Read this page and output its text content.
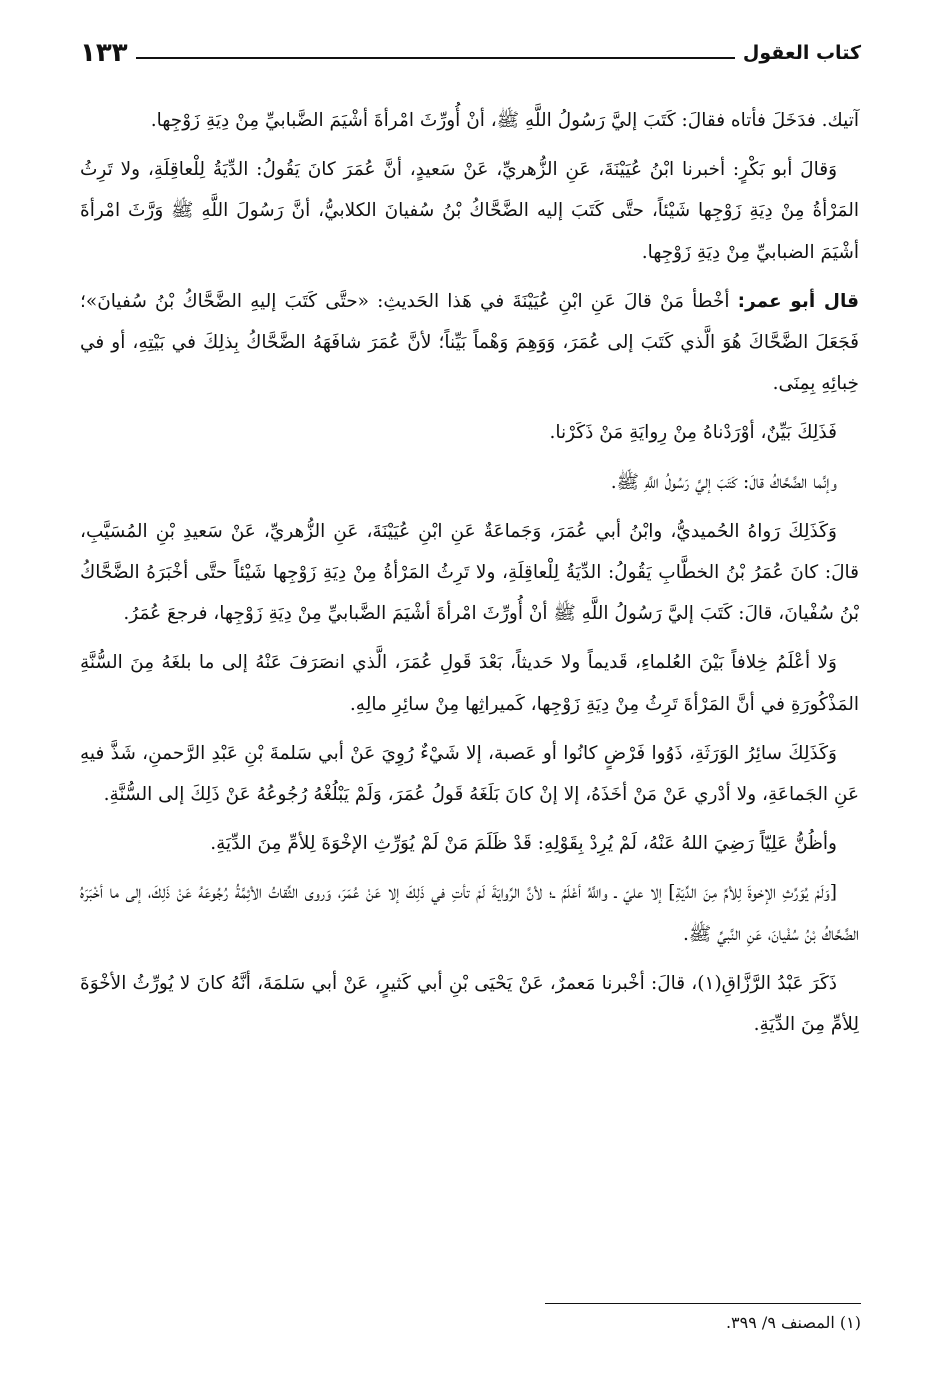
كتاب العقول
١٣٣

آتيك. فدَخَلَ فأتاه فقالَ: كَتَبَ إليَّ رَسُولُ اللَّهِ ﷺ، أنْ أُورِّثَ امْرأةَ أشْيَمَ الضَّبابيِّ مِنْ دِيَةِ زَوْجِها.

وَقالَ أبو بَكْرٍ: أخبرنا ابْنُ عُيَيْنَةَ، عَنِ الزُّهريِّ، عَنْ سَعيدٍ، أنَّ عُمَرَ كانَ يَقُولُ: الدِّيَةُ لِلْعاقِلَةِ، ولا تَرِثُ المَرْأةُ مِنْ دِيَةِ زَوْجِها شَيْئاً، حتَّى كَتَبَ إليه الضَّحَّاكُ بْنُ سُفيانَ الكلابيُّ، أنَّ رَسُولَ اللَّهِ ﷺ وَرَّثَ امْرأةَ أشْيَمَ الضبابيِّ مِنْ دِيَةِ زَوْجِها.

قال أبو عمر: أخْطأ مَنْ قالَ عَنِ ابْنِ عُيَيْنَةَ في هَذا الحَديثِ: «حتَّى كَتَبَ إليهِ الضَّحَّاكُ بْنُ سُفيانَ»؛ فَجَعَلَ الضَّحَّاكَ هُوَ الَّذي كَتَبَ إلى عُمَرَ، وَوَهِمَ وَهْماً بَيِّناً؛ لأنَّ عُمَرَ شافَهَهُ الضَّحَّاكُ بِذلِكَ في بَيْتِهِ، أو في خِبائِهِ بِمِنَى.

فَذَلِكَ بَيِّنٌ، أوْرَدْناهُ مِنْ رِوايَةِ مَنْ ذَكَرْنا.

وإنَّما الضَّحَّاكُ قالَ: كَتَبَ إليَّ رَسُولُ اللَّهِ ﷺ.

وَكَذَلِكَ رَواهُ الحُميديُّ، وابْنُ أبي عُمَرَ، وَجَماعَةٌ عَنِ ابْنِ عُيَيْنَةَ، عَنِ الزُّهريِّ، عَنْ سَعيدِ بْنِ المُسَيَّبِ، قالَ: كانَ عُمَرُ بْنُ الخطَّابِ يَقُولُ: الدِّيَةُ لِلْعاقِلَةِ، ولا تَرِثُ المَرْأةُ مِنْ دِيَةِ زَوْجِها شَيْئاً حتَّى أخْبَرَهُ الضَّحَّاكُ بْنُ سُفْيانَ، قالَ: كَتَبَ إليَّ رَسُولُ اللَّهِ ﷺ أنْ أُورِّثَ امْرأةَ أشْيَمَ الضَّبابيِّ مِنْ دِيَةِ زَوْجِها، فرجعَ عُمَرُ.

وَلا أعْلَمُ خِلافاً بَيْنَ العُلماءِ، قَديماً ولا حَديثاً، بَعْدَ قَولِ عُمَرَ، الَّذي انصَرَفَ عَنْهُ إلى ما بلغَهُ مِنَ السُّنَّةِ المَذْكُورَةِ في أنَّ المَرْأةَ تَرِثُ مِنْ دِيَةِ زَوْجِها، كَميراثِها مِنْ سائِرِ مالِهِ.

وَكَذَلِكَ سائِرُ الوَرَثَةِ، ذَوُوا فَرْضٍ كانُوا أو عَصبة، إلا شَيْءٌ رُوِيَ عَنْ أبي سَلمةَ بْنِ عَبْدِ الرَّحمنِ، شَذَّ فيهِ عَنِ الجَماعَةِ، ولا أدْري عَنْ مَنْ أخَذَهُ، إلا إنْ كانَ بَلَغَهُ قَولُ عُمَرَ، وَلَمْ يَبْلُغْهُ رُجُوعُهُ عَنْ ذَلِكَ إلى السُّنَّةِ.

وأظُنُّ عَلِيّاً رَضِيَ اللهُ عَنْهُ، لَمْ يُرِدْ بِقَوْلِهِ: قَدْ ظَلَمَ مَنْ لَمْ يُوَرِّثِ الإخْوَةَ لِلأمِّ مِنَ الدِّيَةِ.

[وَلَمْ يُوَرِّثِ الإخوةَ لِلأمِّ مِنَ الدِّيَةِ] إلا عليّ ـ واللَّهُ أعْلَمُ ـ؛ لأنَّ الرِّوايَةَ لَمْ تأتِ في ذَلِكَ إلا عَنْ عُمَرَ، وَروى الثِّقاتُ الأئِمَّةُ رُجُوعَهُ عَنْ ذَلِكَ، إلى ما أخْبَرَهُ الضَّحَّاكُ بْنُ سُفْيانَ، عَنِ النَّبيِّ ﷺ.

ذَكَرَ عَبْدُ الرَّزَّاقِ(١)، قالَ: أخْبرنا مَعمرٌ، عَنْ يَحْيَى بْنِ أبي كَثيرٍ، عَنْ أبي سَلمَةَ، أنَّهُ كانَ لا يُورِّثُ الأخْوَةَ لِلأمِّ مِنَ الدِّيَةِ.

(١) المصنف ٩/ ٣٩٩.
